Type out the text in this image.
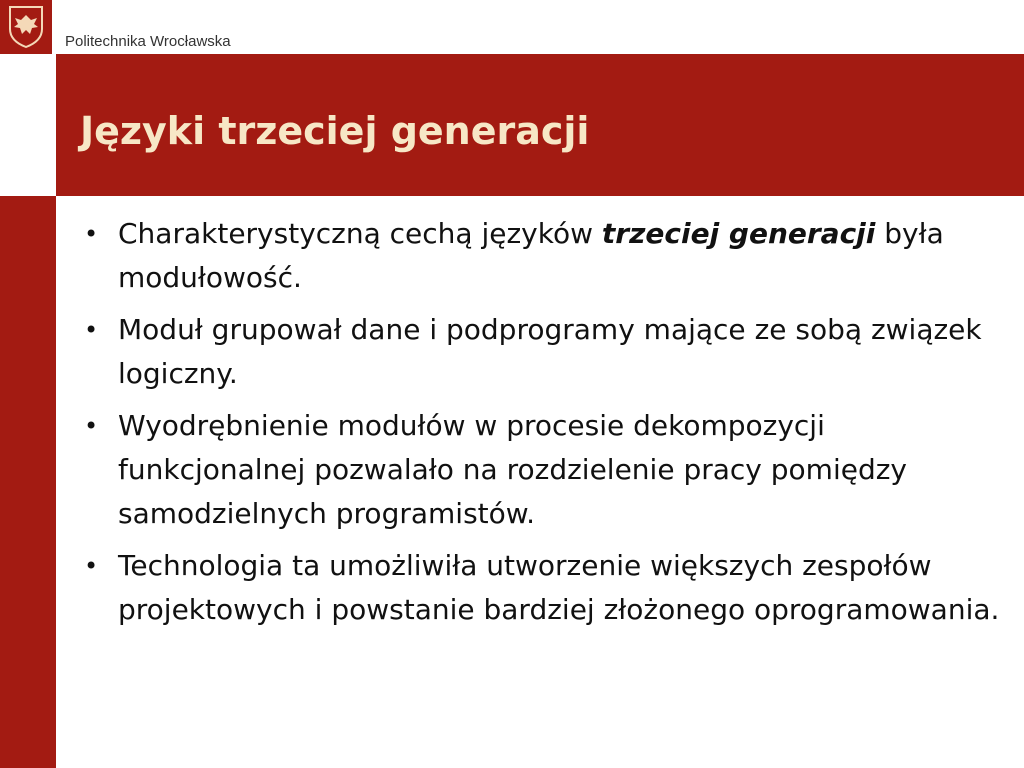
Politechnika Wrocławska
Języki trzeciej generacji
• Charakterystyczną cechą języków trzeciej generacji była modułowość.
• Moduł grupował dane i podprogramy mające ze sobą związek logiczny.
• Wyodrębnienie modułów w procesie dekompozycji funkcjonalnej pozwalało na rozdzielenie pracy pomiędzy samodzielnych programistów.
• Technologia ta umożliwiła utworzenie większych zespołów projektowych i powstanie bardziej złożonego oprogramowania.
